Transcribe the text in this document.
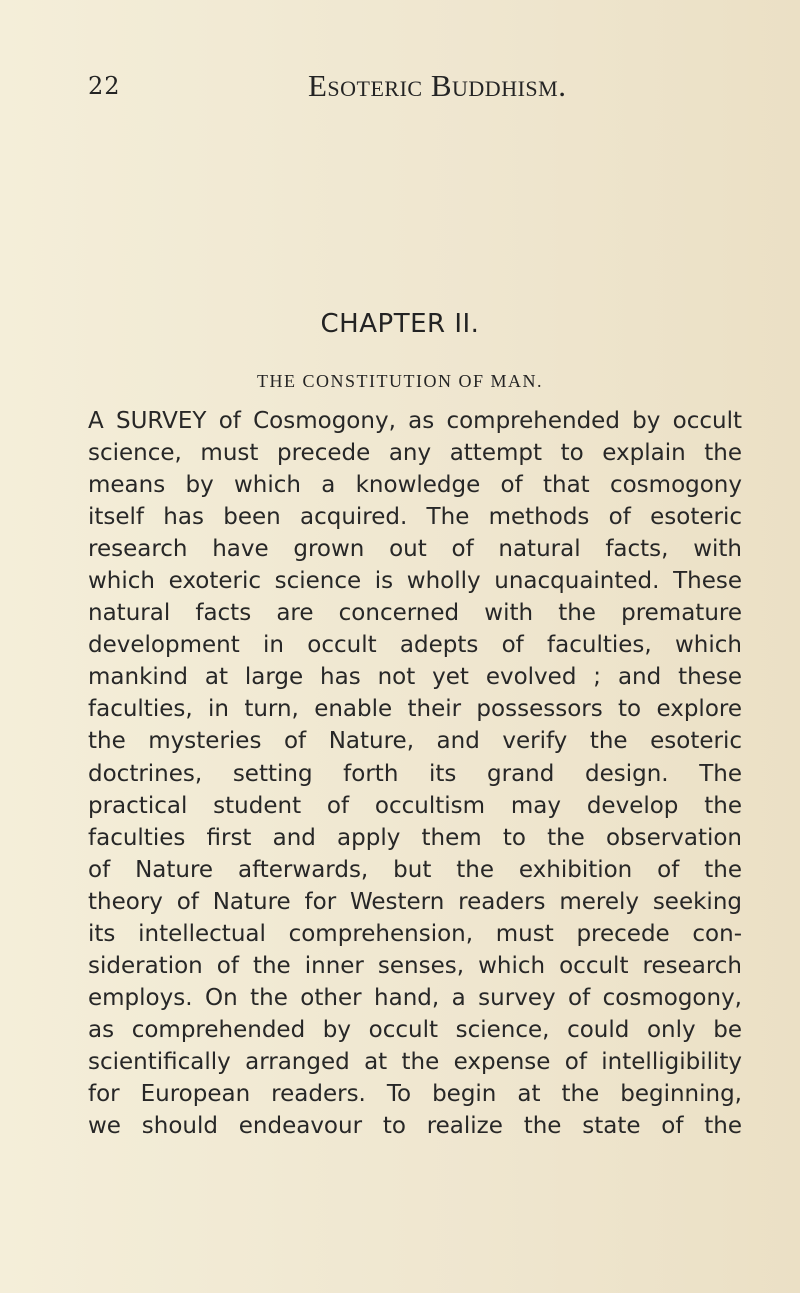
22	Esoteric Buddhism.
CHAPTER II.
THE CONSTITUTION OF MAN.
A SURVEY of Cosmogony, as comprehended by occult
science, must precede any attempt to explain the
means by which a knowledge of that cosmogony
itself has been acquired. The methods of esoteric
research have grown out of natural facts, with
which exoteric science is wholly unacquainted. These
natural facts are concerned with the premature
development in occult adepts of faculties, which
mankind at large has not yet evolved ; and these
faculties, in turn, enable their possessors to explore
the mysteries of Nature, and verify the esoteric
doctrines, setting forth its grand design. The
practical student of occultism may develop the
faculties first and apply them to the observation
of Nature afterwards, but the exhibition of the
theory of Nature for Western readers merely seeking
its intellectual comprehension, must precede con-
sideration of the inner senses, which occult research
employs. On the other hand, a survey of cosmogony,
as comprehended by occult science, could only be
scientifically arranged at the expense of intelligibility
for European readers. To begin at the beginning,
we should endeavour to realize the state of the
